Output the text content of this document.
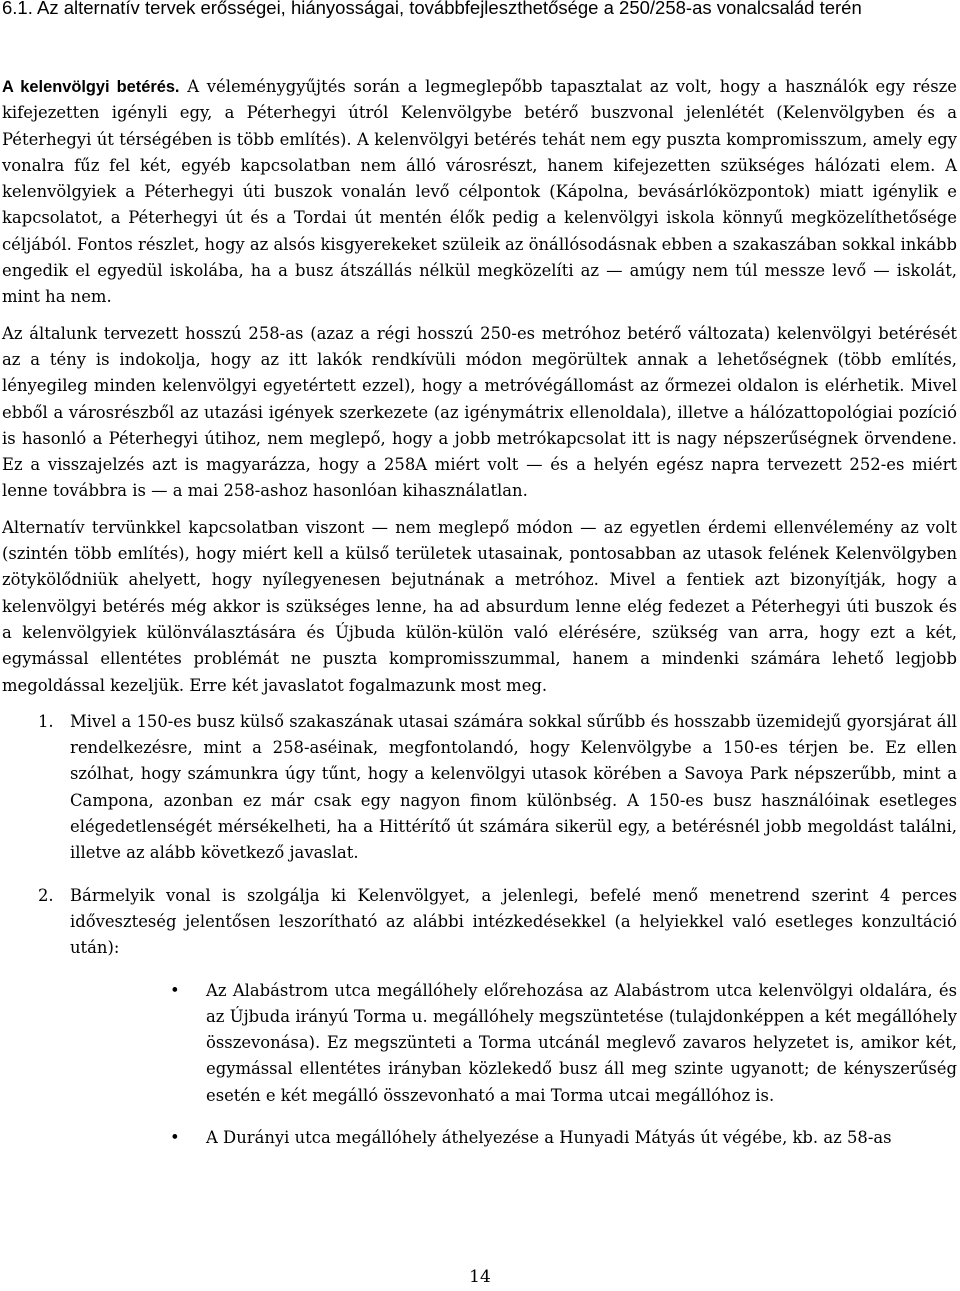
6.1. Az alternatív tervek erősségei, hiányosságai, továbbfejleszthetősége a 250/258-as vonalcsalád terén

A kelenvölgyi betérés. A véleménygyűjtés során a legmeglepőbb tapasztalat az volt, hogy a használók egy része kifejezetten igényli egy, a Péterhegyi útról Kelenvölgybe betérő buszvonal jelenlétét (Kelenvölgyben és a Péterhegyi út térségében is több említés). A kelenvölgyi betérés tehát nem egy puszta kompromisszum, amely egy vonalra fűz fel két, egyéb kapcsolatban nem álló városrészt, hanem kifejezetten szükséges hálózati elem. A kelenvölgyiek a Péterhegyi úti buszok vonalán levő célpontok (Kápolna, bevásárlóközpontok) miatt igénylik e kapcsolatot, a Péterhegyi út és a Tordai út mentén élők pedig a kelenvölgyi iskola könnyű megközelíthetősége céljából. Fontos részlet, hogy az alsós kisgyerekeket szüleik az önállósodásnak ebben a szakaszában sokkal inkább engedik el egyedül iskolába, ha a busz átszállás nélkül megközelíti az — amúgy nem túl messze levő — iskolát, mint ha nem.

Az általunk tervezett hosszú 258-as (azaz a régi hosszú 250-es metróhoz betérő változata) kelenvölgyi betérését az a tény is indokolja, hogy az itt lakók rendkívüli módon megörültek annak a lehetőségnek (több említés, lényegileg minden kelenvölgyi egyetértett ezzel), hogy a metróvégállomást az őrmezei oldalon is elérhetik. Mivel ebből a városrészből az utazási igények szerkezete (az igénymátrix ellenoldala), illetve a hálózattopológiai pozíció is hasonló a Péterhegyi útihoz, nem meglepő, hogy a jobb metrókapcsolat itt is nagy népszerűségnek örvendene. Ez a visszajelzés azt is magyarázza, hogy a 258A miért volt — és a helyén egész napra tervezett 252-es miért lenne továbbra is — a mai 258-ashoz hasonlóan kihasználatlan.

Alternatív tervünkkel kapcsolatban viszont — nem meglepő módon — az egyetlen érdemi ellenvélemény az volt (szintén több említés), hogy miért kell a külső területek utasainak, pontosabban az utasok felének Kelenvölgyben zötykölődniük ahelyett, hogy nyílegyenesen bejutnának a metróhoz. Mivel a fentiek azt bizonyítják, hogy a kelenvölgyi betérés még akkor is szükséges lenne, ha ad absurdum lenne elég fedezet a Péterhegyi úti buszok és a kelenvölgyiek különválasztására és Újbuda külön-külön való elérésére, szükség van arra, hogy ezt a két, egymással ellentétes problémát ne puszta kompromisszummal, hanem a mindenki számára lehető legjobb megoldással kezeljük. Erre két javaslatot fogalmazunk most meg.

1. Mivel a 150-es busz külső szakaszának utasai számára sokkal sűrűbb és hosszabb üzemidejű gyorsjárat áll rendelkezésre, mint a 258-aséinak, megfontolandó, hogy Kelenvölgybe a 150-es térjen be. Ez ellen szólhat, hogy számunkra úgy tűnt, hogy a kelenvölgyi utasok körében a Savoya Park népszerűbb, mint a Campona, azonban ez már csak egy nagyon finom különbség. A 150-es busz használóinak esetleges elégedetlenségét mérsékelheti, ha a Hittérítő út számára sikerül egy, a betérésnél jobb megoldást találni, illetve az alább következő javaslat.
2. Bármelyik vonal is szolgálja ki Kelenvölgyet, a jelenlegi, befelé menő menetrend szerint 4 perces időveszteség jelentősen leszorítható az alábbi intézkedésekkel (a helyiekkel való esetleges konzultáció után):
• Az Alabástrom utca megállóhely előrehozása az Alabástrom utca kelenvölgyi oldalára, és az Újbuda irányú Torma u. megállóhely megszüntetése (tulajdonképpen a két megállóhely összevonása). Ez megszünteti a Torma utcánál meglevő zavaros helyzetet is, amikor két, egymással ellentétes irányban közlekedő busz áll meg szinte ugyanott; de kényszerűség esetén e két megálló összevonható a mai Torma utcai megállóhoz is.
• A Durányi utca megállóhely áthelyezése a Hunyadi Mátyás út végébe, kb. az 58-as
14
